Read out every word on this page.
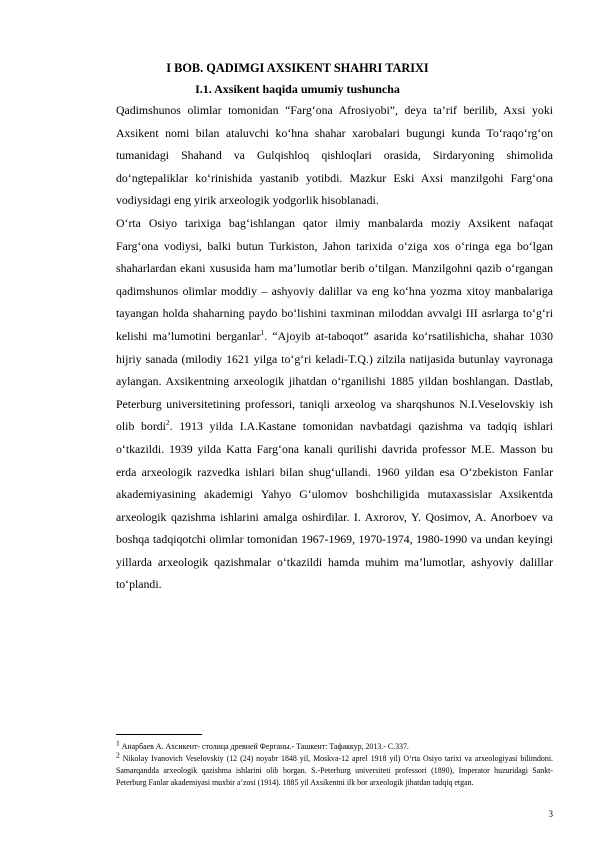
I BOB. QADIMGI AXSIKENT SHAHRI TARIXI
I.1. Axsikent haqida umumiy tushuncha

Qadimshunos olimlar tomonidan “Farg‘ona Afrosiyobi”, deya ta’rif berilib, Axsi yoki Axsikent nomi bilan ataluvchi ko‘hna shahar xarobalari bugungi kunda To‘raqo‘rg‘on tumanidagi Shahand va Gulqishloq qishloqlari orasida, Sirdaryoning shimolida do‘ngtepaliklar ko‘rinishida yastanib yotibdi. Mazkur Eski Axsi manzilgohi Farg‘ona vodiysidagi eng yirik arxeologik yodgorlik hisoblanadi.

O‘rta Osiyo tarixiga bag‘ishlangan qator ilmiy manbalarda moziy Axsikent nafaqat Farg‘ona vodiysi, balki butun Turkiston, Jahon tarixida o‘ziga xos o‘ringa ega bo‘lgan shaharlardan ekani xususida ham ma’lumotlar berib o‘tilgan. Manzilgohni qazib o‘rgangan qadimshunos olimlar moddiy – ashyoviy dalillar va eng ko‘hna yozma xitoy manbalariga tayangan holda shaharning paydo bo‘lishini taxminan miloddan avvalgi III asrlarga to‘g‘ri kelishi ma’lumotini berganlar$^1$. “Ajoyib at-taboqot” asarida ko‘rsatilishicha, shahar 1030 hijriy sanada (milodiy 1621 yilga to‘g‘ri keladi-T.Q.) zilzila natijasida butunlay vayronaga aylangan. Axsikentning arxeologik jihatdan o‘rganilishi 1885 yildan boshlangan. Dastlab, Peterburg universitetining professori, taniqli arxeolog va sharqshunos N.I.Veselovskiy ish olib bordi$^2$. 1913 yilda I.A.Kastane tomonidan navbatdagi qazishma va tadqiq ishlari o‘tkazildi. 1939 yilda Katta Farg‘ona kanali qurilishi davrida professor M.E. Masson bu erda arxeologik razvedka ishlari bilan shug‘ullandi. 1960 yildan esa O‘zbekiston Fanlar akademiyasining akademigi Yahyo G‘ulomov boshchiligida mutaxassislar Axsikentda arxeologik qazishma ishlarini amalga oshirdilar. I. Axrorov, Y. Qosimov, A. Anorboev va boshqa tadqiqotchi olimlar tomonidan 1967-1969, 1970-1974, 1980-1990 va undan keyingi yillarda arxeologik qazishmalar o‘tkazildi hamda muhim ma’lumotlar, ashyoviy dalillar to‘plandi.

$^1$ Анарбаев А. Ахсикент- столица древней Ферганы.- Ташкент: Тафаккур, 2013.- С.337.
$^2$ Nikolay Ivanovich Veselovskiy (12 (24) noyabr 1848 yil, Moskva-12 aprel 1918 yil) O‘rta Osiyo tarixi va arxeologiyasi bilimdoni. Samarqandda arxeologik qazishma ishlarini olib borgan. S.-Peterburg universiteti professori (1890), Imperator huzuridagi Sankt-Peterburg Fanlar akademiyasi muxbir a’zosi (1914). 1885 yil Axsikentni ilk bor arxeologik jihatdan tadqiq etgan.
3
